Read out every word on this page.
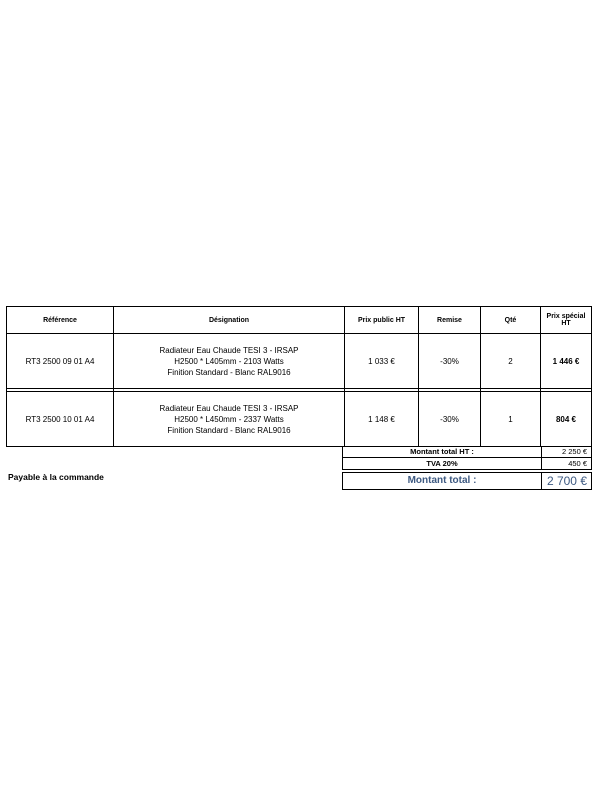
Référence	Désignation	Prix public HT	Remise	Qté	Prix spécial HT
RT3 2500 09 01 A4	Radiateur Eau Chaude TESI 3 - IRSAP
H2500 * L405mm - 2103 Watts
Finition Standard - Blanc RAL9016	1 033 €	-30%	2	1 446 €

RT3 2500 10 01 A4	Radiateur Eau Chaude TESI 3 - IRSAP
H2500 * L450mm - 2337 Watts
Finition Standard - Blanc RAL9016	1 148 €	-30%	1	804 €
Montant total HT :	2 250 €
TVA 20%	450 €
Montant total :	2 700 €
Payable à la commande
